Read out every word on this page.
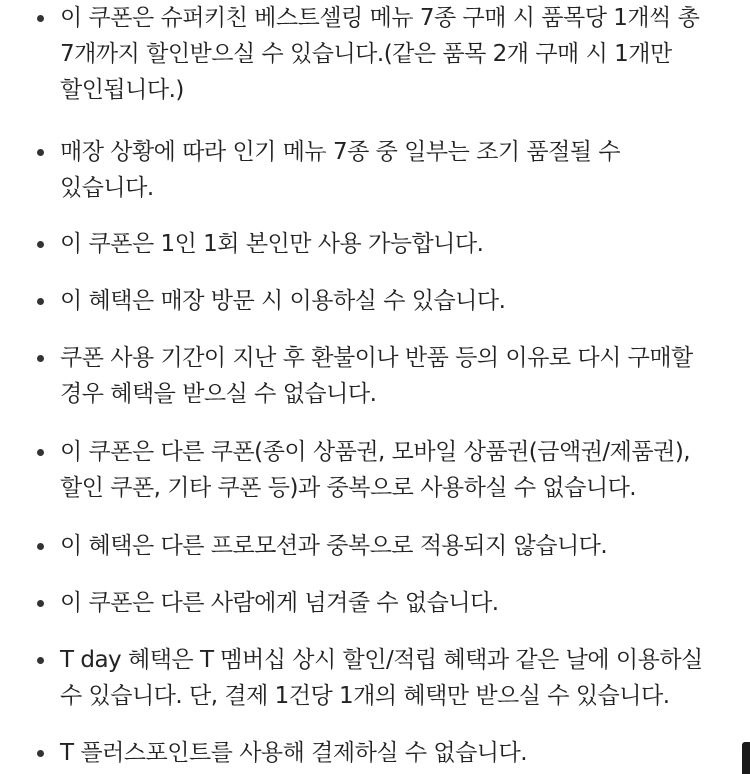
이 쿠폰은 슈퍼키친 베스트셀링 메뉴 7종 구매 시 품목당 1개씩 총 7개까지 할인받으실 수 있습니다.(같은 품목 2개 구매 시 1개만 할인됩니다.)
매장 상황에 따라 인기 메뉴 7종 중 일부는 조기 품절될 수 있습니다.
이 쿠폰은 1인 1회 본인만 사용 가능합니다.
이 혜택은 매장 방문 시 이용하실 수 있습니다.
쿠폰 사용 기간이 지난 후 환불이나 반품 등의 이유로 다시 구매할 경우 혜택을 받으실 수 없습니다.
이 쿠폰은 다른 쿠폰(종이 상품권, 모바일 상품권(금액권/제품권), 할인 쿠폰, 기타 쿠폰 등)과 중복으로 사용하실 수 없습니다.
이 혜택은 다른 프로모션과 중복으로 적용되지 않습니다.
이 쿠폰은 다른 사람에게 넘겨줄 수 없습니다.
T day 혜택은 T 멤버십 상시 할인/적립 혜택과 같은 날에 이용하실 수 있습니다. 단, 결제 1건당 1개의 혜택만 받으실 수 있습니다.
T 플러스포인트를 사용해 결제하실 수 없습니다.
